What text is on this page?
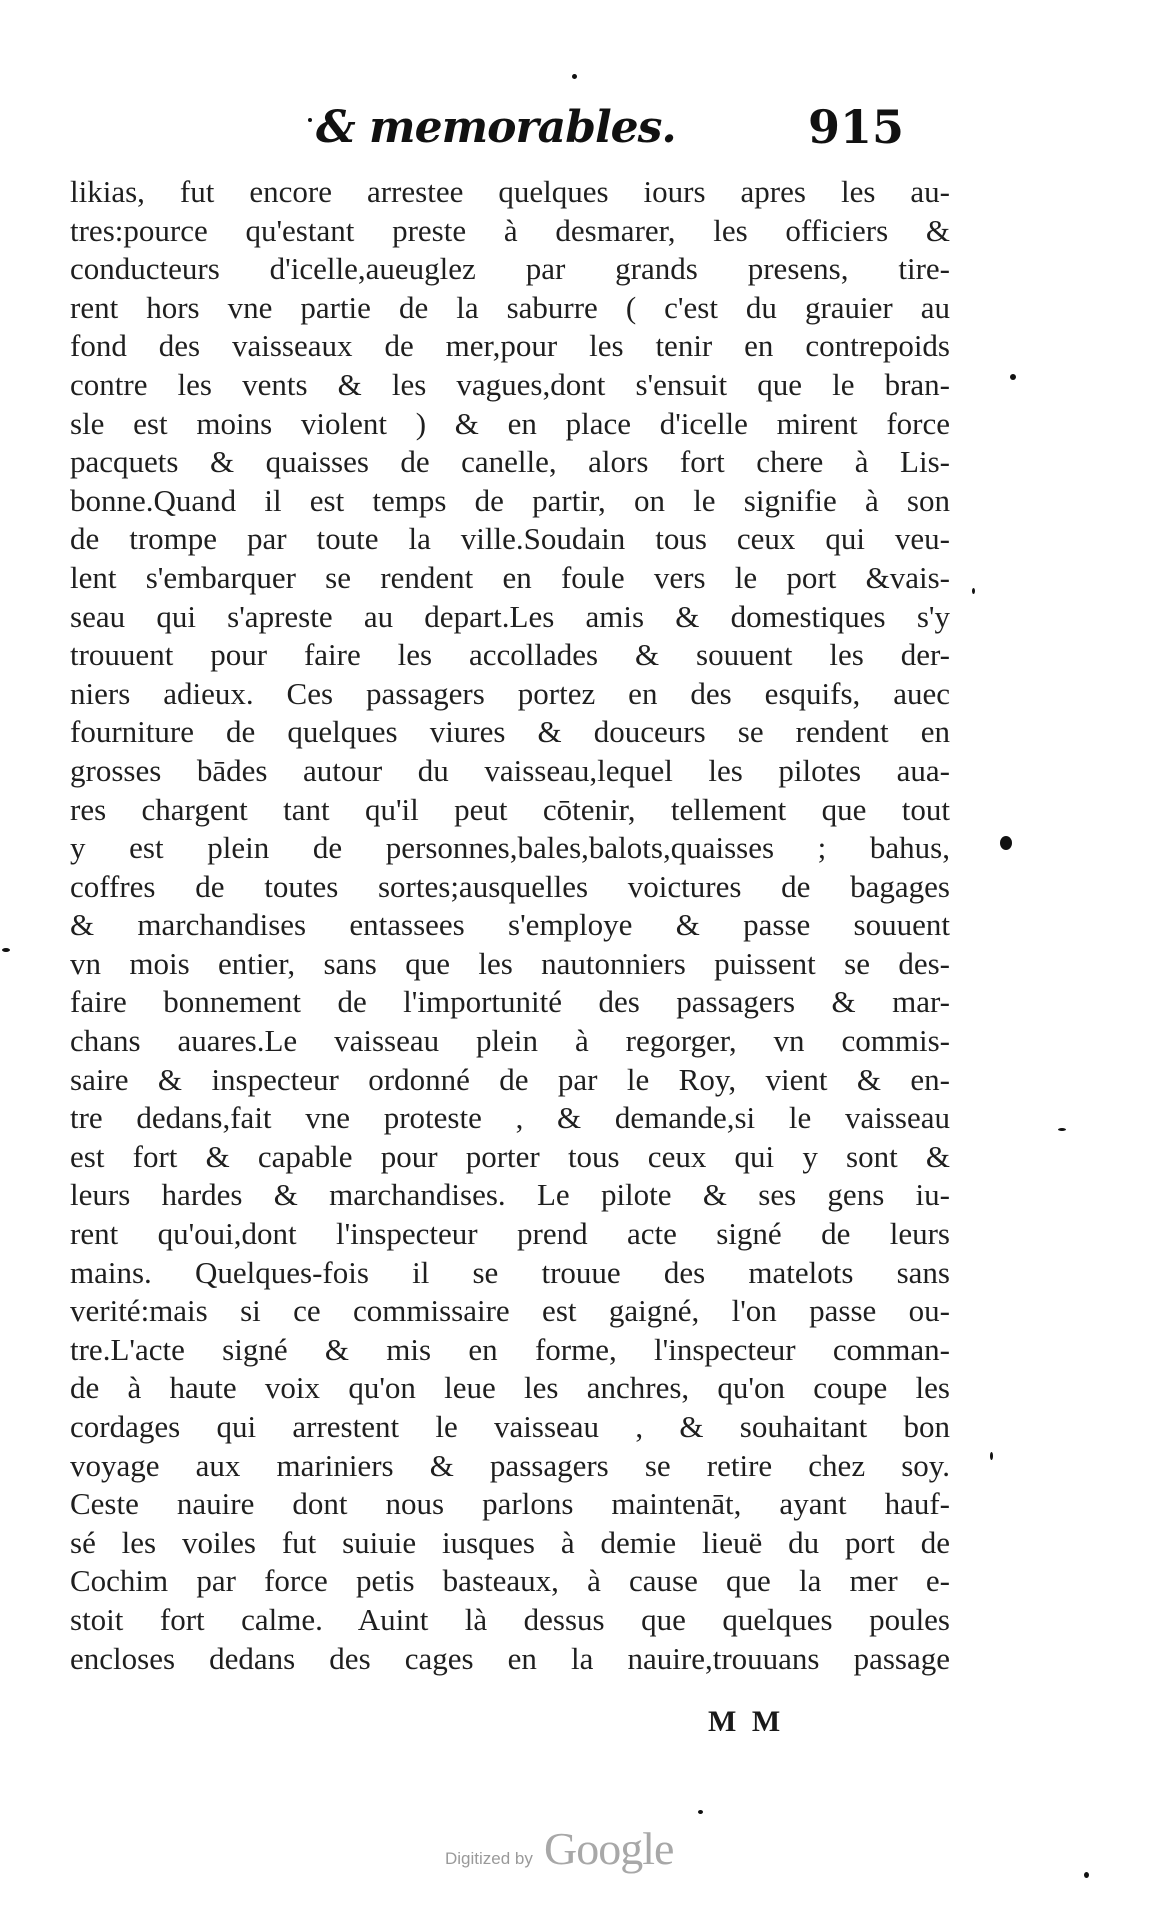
& memorables.	915
likias, fut encore arrestee quelques iours apres les au-
tres:pource qu'estant preste à desmarer, les officiers &
conducteurs d'icelle,aueuglez par grands presens, tire-
rent hors vne partie de la saburre ( c'est du grauier au
fond des vaisseaux de mer,pour les tenir en contrepoids
contre les vents & les vagues,dont s'ensuit que le bran-
sle est moins violent ) & en place d'icelle mirent force
pacquets & quaisses de canelle, alors fort chere à Lis-
bonne.Quand il est temps de partir, on le signifie à son
de trompe par toute la ville.Soudain tous ceux qui veu-
lent s'embarquer se rendent en foule vers le port &vais-
seau qui s'apreste au depart.Les amis & domestiques s'y
trouuent pour faire les accollades & souuent les der-
niers adieux. Ces passagers portez en des esquifs, auec
fourniture de quelques viures & douceurs se rendent en
grosses bādes autour du vaisseau,lequel les pilotes aua-
res chargent tant qu'il peut cōtenir, tellement que tout
y est plein de personnes,bales,balots,quaisses ; bahus,
coffres de toutes sortes;ausquelles voictures de bagages
& marchandises entassees s'employe & passe souuent
vn mois entier, sans que les nautonniers puissent se des-
faire bonnement de l'importunité des passagers & mar-
chans auares.Le vaisseau plein à regorger, vn commis-
saire & inspecteur ordonné de par le Roy, vient & en-
tre dedans,fait vne proteste , & demande,si le vaisseau
est fort & capable pour porter tous ceux qui y sont &
leurs hardes & marchandises. Le pilote & ses gens iu-
rent qu'oui,dont l'inspecteur prend acte signé de leurs
mains. Quelques-fois il se trouue des matelots sans
verité:mais si ce commissaire est gaigné, l'on passe ou-
tre.L'acte signé & mis en forme, l'inspecteur comman-
de à haute voix qu'on leue les anchres, qu'on coupe les
cordages qui arrestent le vaisseau , & souhaitant bon
voyage aux mariniers & passagers se retire chez soy.
Ceste nauire dont nous parlons maintenāt, ayant hauf-
sé les voiles fut suiuie iusques à demie lieuë du port de
Cochim par force petis basteaux, à cause que la mer e-
stoit fort calme. Auint là dessus que quelques poules
encloses dedans des cages en la nauire,trouuans passage
M M
Digitized by Google
